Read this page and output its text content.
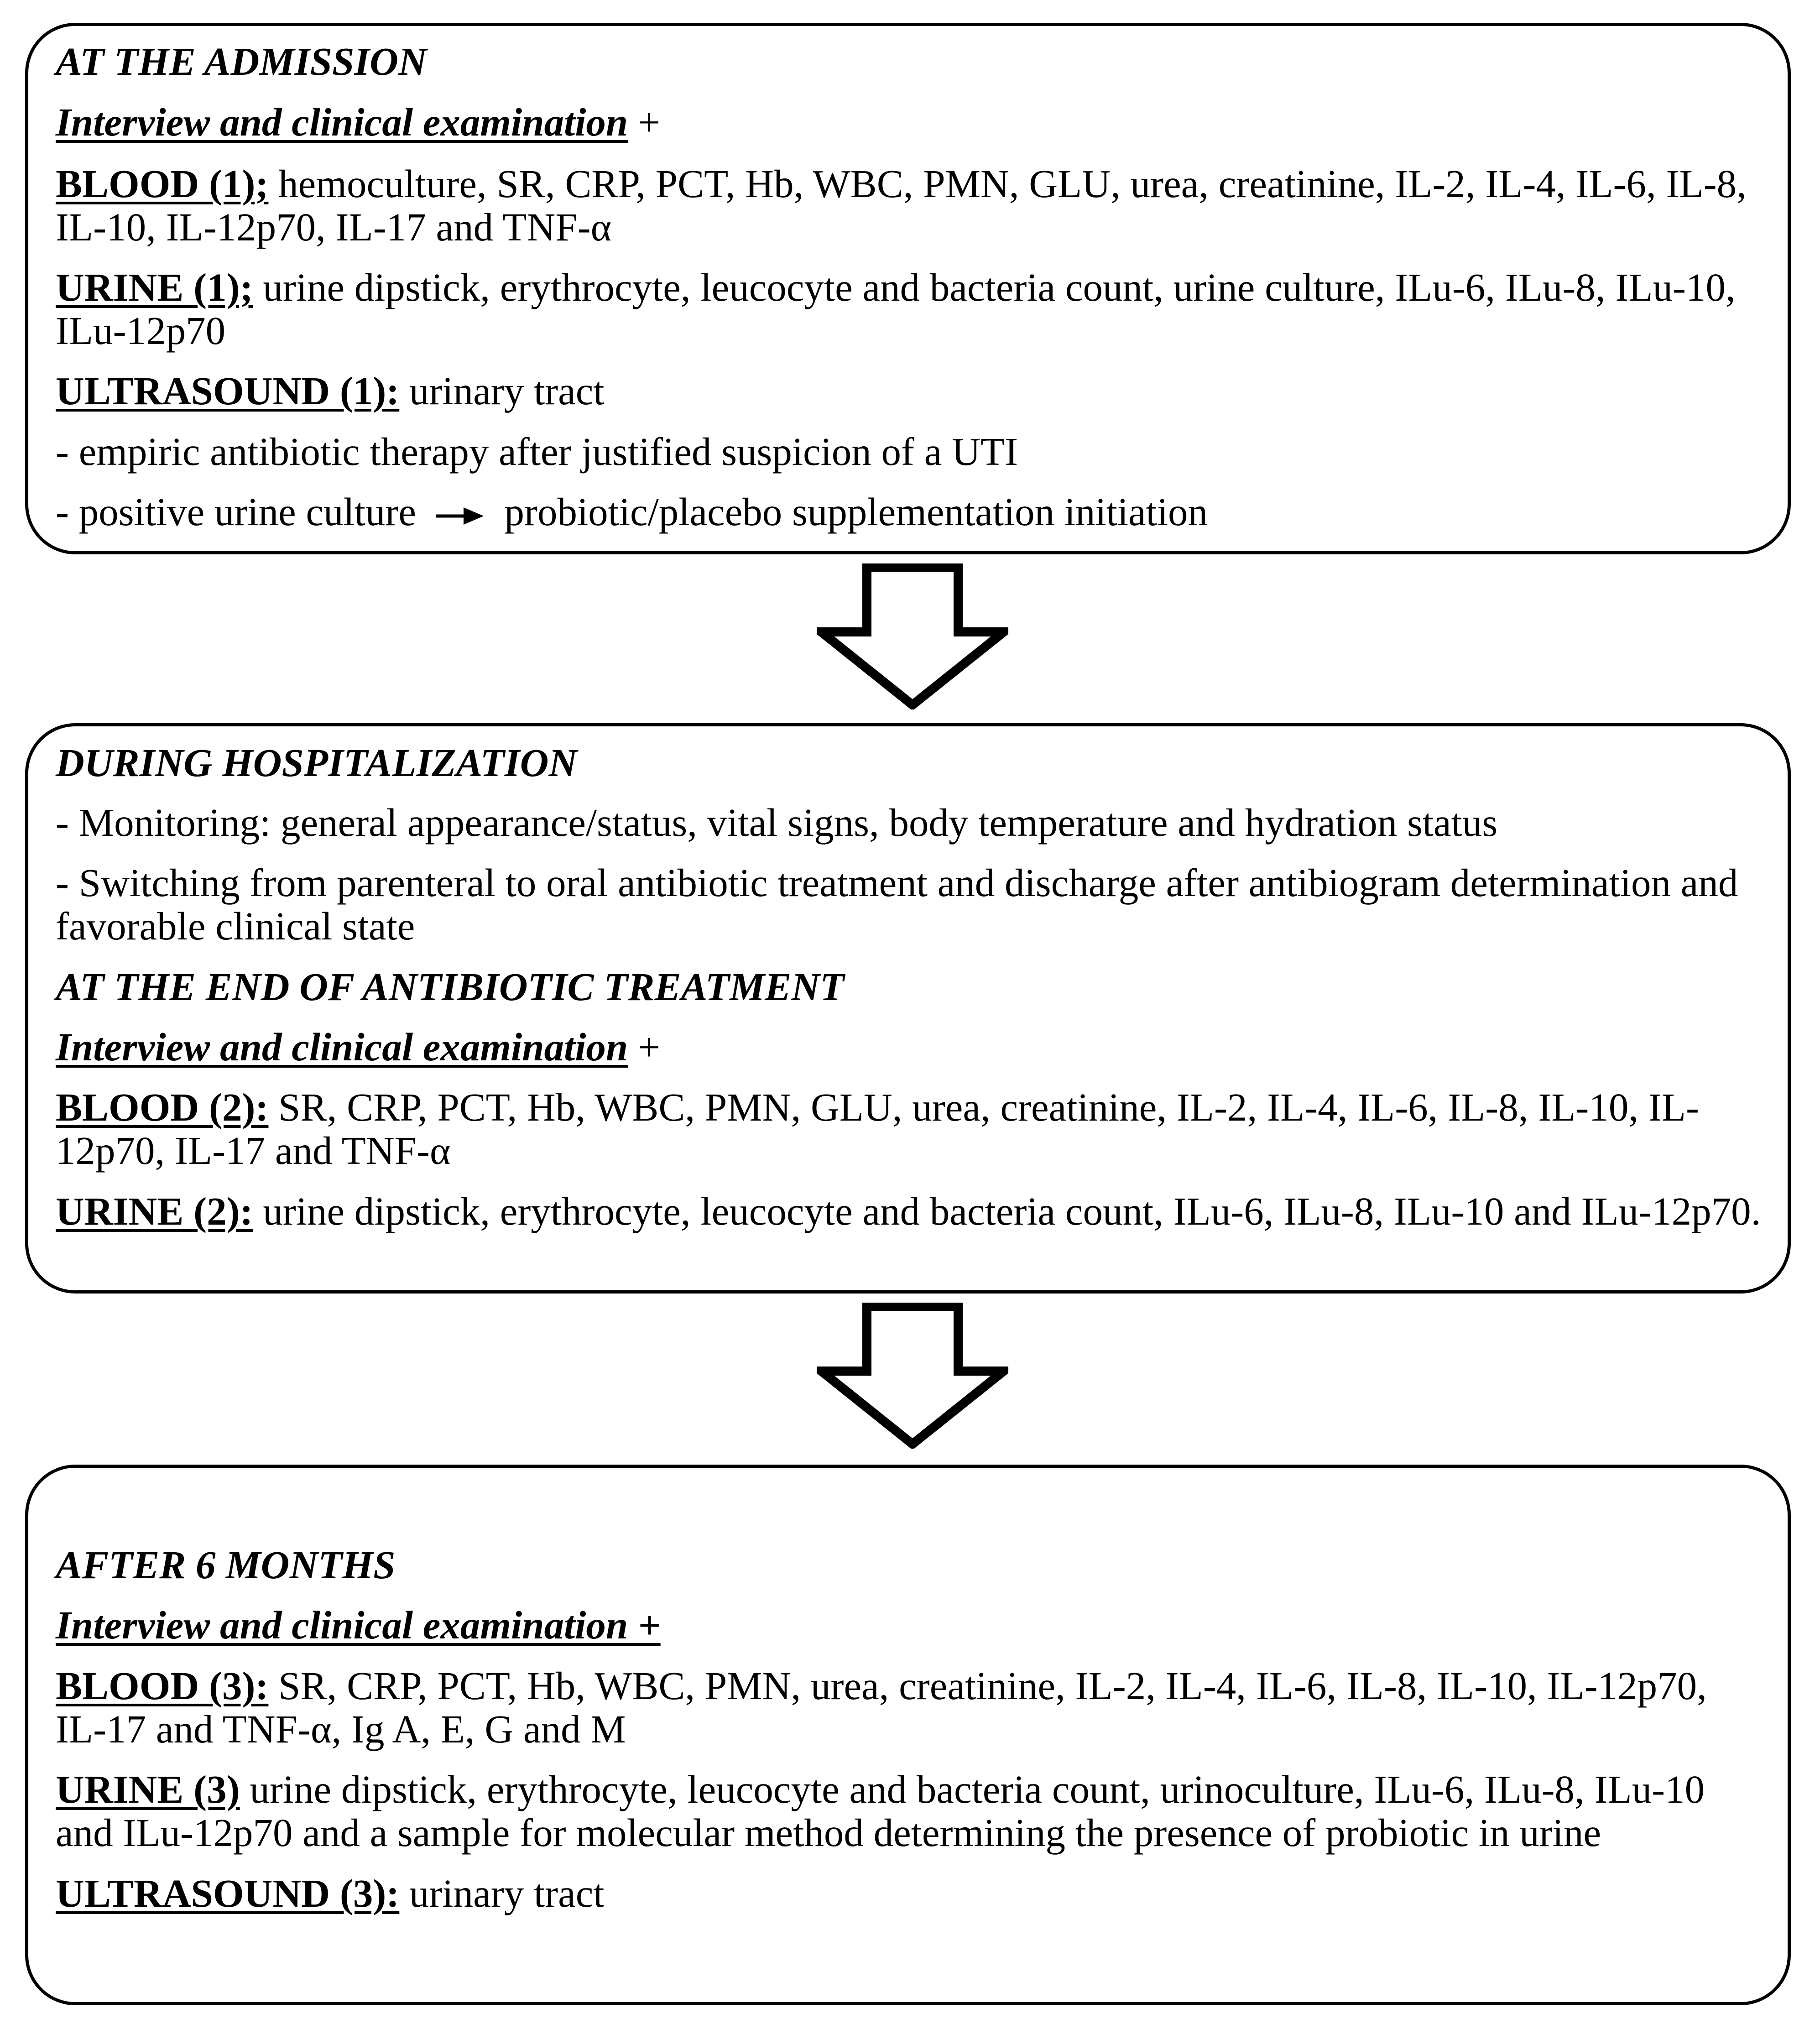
AT THE ADMISSION
Interview and clinical examination +
BLOOD (1); hemoculture, SR, CRP, PCT, Hb, WBC, PMN, GLU, urea, creatinine, IL-2, IL-4, IL-6, IL-8, IL-10, IL-12p70, IL-17 and TNF-α
URINE (1); urine dipstick, erythrocyte, leucocyte and bacteria count, urine culture, ILu-6, ILu-8, ILu-10, ILu-12p70
ULTRASOUND (1): urinary tract
- empiric antibiotic therapy after justified suspicion of a UTI
- positive urine culture probiotic/placebo supplementation initiation
DURING HOSPITALIZATION
- Monitoring: general appearance/status, vital signs, body temperature and hydration status
- Switching from parenteral to oral antibiotic treatment and discharge after antibiogram determination and favorable clinical state
AT THE END OF ANTIBIOTIC TREATMENT
Interview and clinical examination +
BLOOD (2): SR, CRP, PCT, Hb, WBC, PMN, GLU, urea, creatinine, IL-2, IL-4, IL-6, IL-8, IL-10, IL-12p70, IL-17 and TNF-α
URINE (2): urine dipstick, erythrocyte, leucocyte and bacteria count, ILu-6, ILu-8, ILu-10 and ILu-12p70.
AFTER 6 MONTHS
Interview and clinical examination +
BLOOD (3): SR, CRP, PCT, Hb, WBC, PMN, urea, creatinine, IL-2, IL-4, IL-6, IL-8, IL-10, IL-12p70, IL-17 and TNF-α, Ig A, E, G and M
URINE (3) urine dipstick, erythrocyte, leucocyte and bacteria count, urinoculture, ILu-6, ILu-8, ILu-10 and ILu-12p70 and a sample for molecular method determining the presence of probiotic in urine
ULTRASOUND (3): urinary tract
